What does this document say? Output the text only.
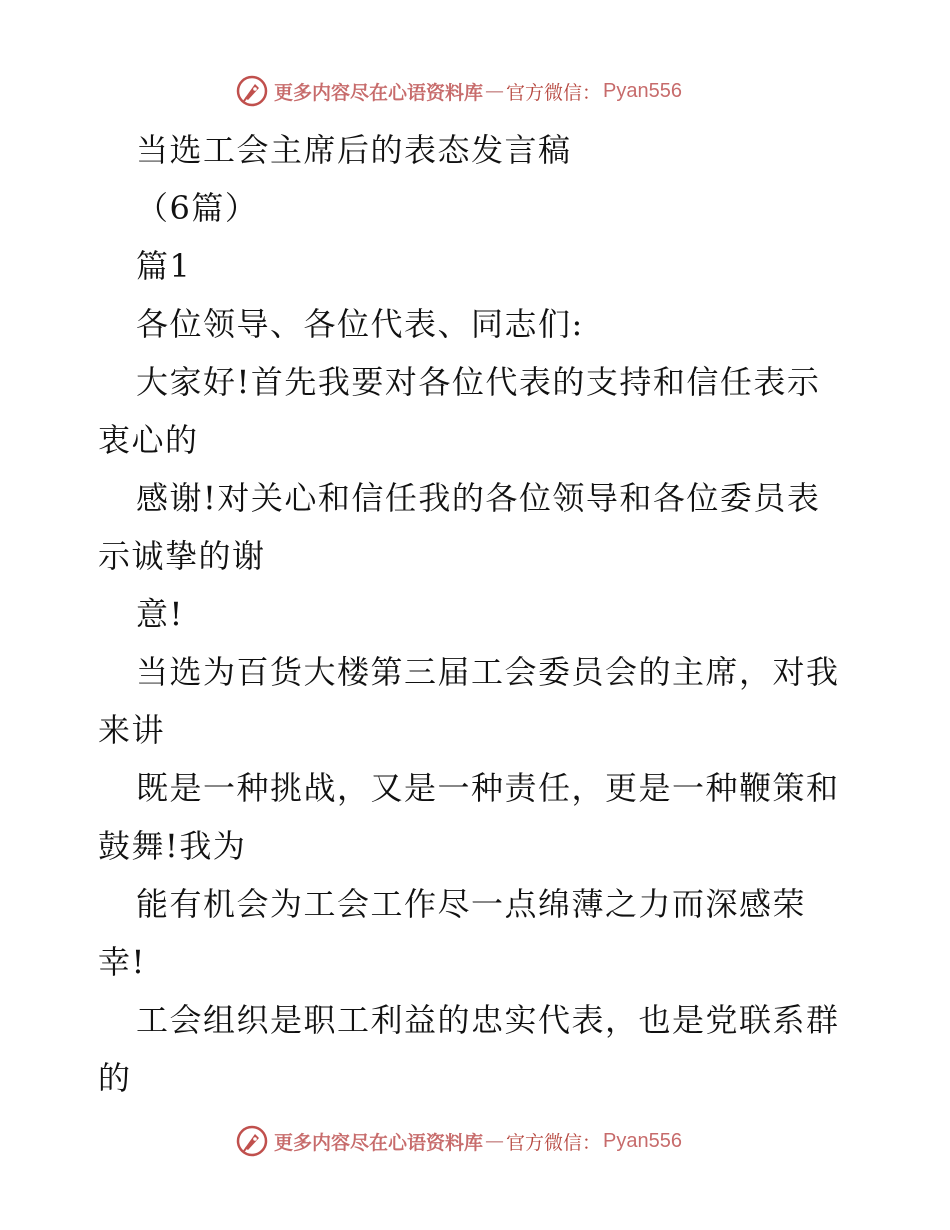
更多内容尽在心语资料库 — 官方微信： Pyan556
当选工会主席后的表态发言稿
（6篇）
篇1
各位领导、各位代表、同志们:
大家好!首先我要对各位代表的支持和信任表示
衷心的
感谢!对关心和信任我的各位领导和各位委员表
示诚挚的谢
意!
当选为百货大楼第三届工会委员会的主席，对我
来讲
既是一种挑战，又是一种责任，更是一种鞭策和
鼓舞!我为
能有机会为工会工作尽一点绵薄之力而深感荣
幸!
工会组织是职工利益的忠实代表，也是党联系群
的
更多内容尽在心语资料库 — 官方微信： Pyan556
